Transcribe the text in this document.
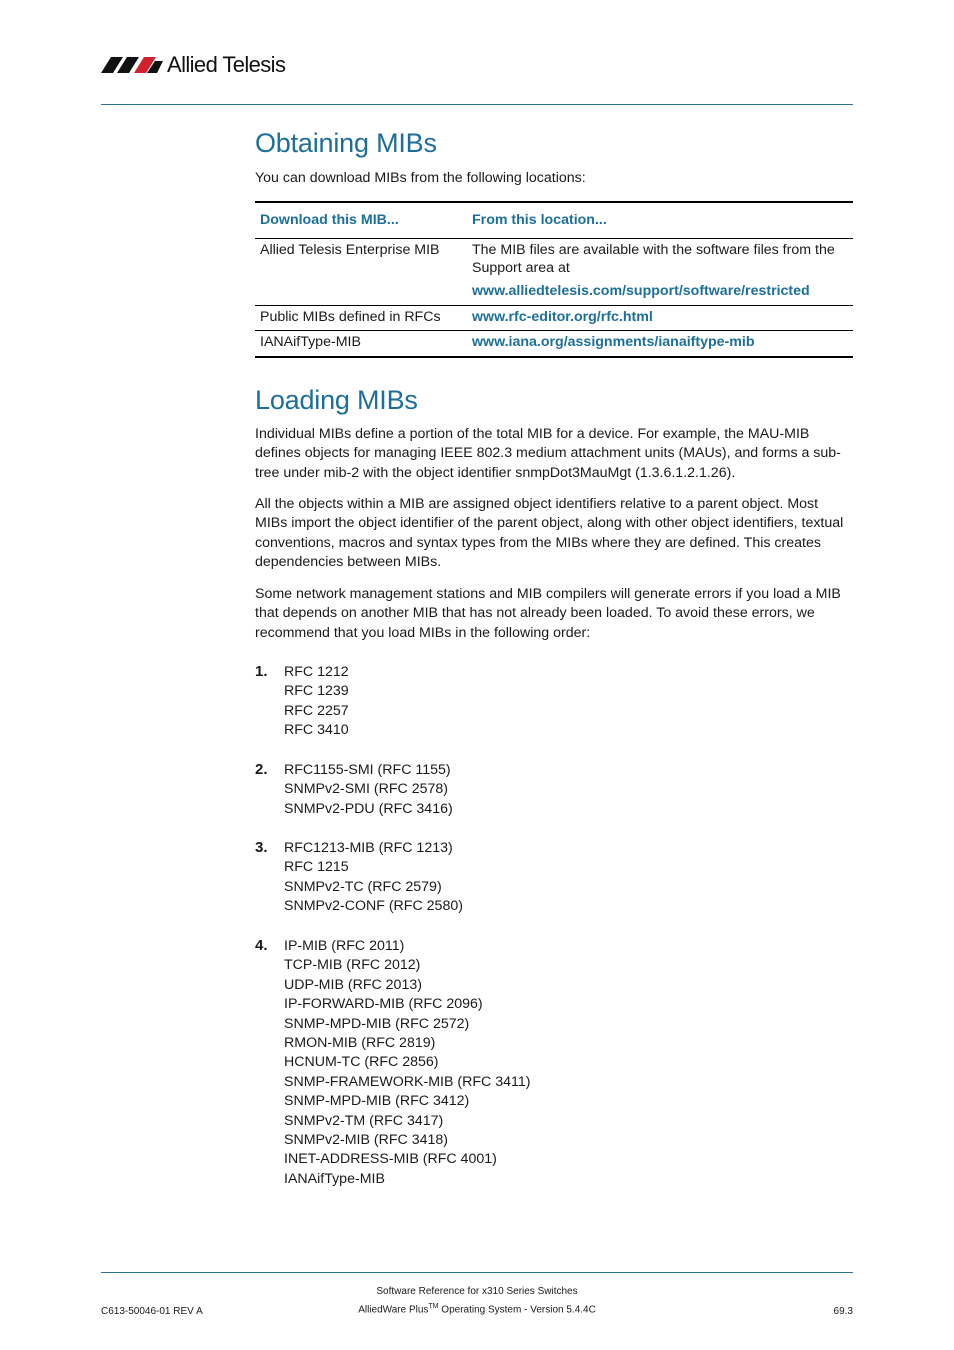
Allied Telesis
Obtaining MIBs

You can download MIBs from the following locations:

Download this MIB...	From this location...
Allied Telesis Enterprise MIB	The MIB files are available with the software files from the Support area at
www.alliedtelesis.com/support/software/restricted

Public MIBs defined in RFCs	www.rfc-editor.org/rfc.html

IANAifType-MIB	www.iana.org/assignments/ianaiftype-mib
Loading MIBs

Individual MIBs define a portion of the total MIB for a device. For example, the MAU-MIB defines objects for managing IEEE 802.3 medium attachment units (MAUs), and forms a sub-tree under mib-2 with the object identifier snmpDot3MauMgt (1.3.6.1.2.1.26).

All the objects within a MIB are assigned object identifiers relative to a parent object. Most MIBs import the object identifier of the parent object, along with other object identifiers, textual conventions, macros and syntax types from the MIBs where they are defined. This creates dependencies between MIBs.

Some network management stations and MIB compilers will generate errors if you load a MIB that depends on another MIB that has not already been loaded. To avoid these errors, we recommend that you load MIBs in the following order:

1. RFC 1212
RFC 1239
RFC 2257
RFC 3410
2. RFC1155-SMI (RFC 1155)
SNMPv2-SMI (RFC 2578)
SNMPv2-PDU (RFC 3416)
3. RFC1213-MIB (RFC 1213)
RFC 1215
SNMPv2-TC (RFC 2579)
SNMPv2-CONF (RFC 2580)
4. IP-MIB (RFC 2011)
TCP-MIB (RFC 2012)
UDP-MIB (RFC 2013)
IP-FORWARD-MIB (RFC 2096)
SNMP-MPD-MIB (RFC 2572)
RMON-MIB (RFC 2819)
HCNUM-TC (RFC 2856)
SNMP-FRAMEWORK-MIB (RFC 3411)
SNMP-MPD-MIB (RFC 3412)
SNMPv2-TM (RFC 3417)
SNMPv2-MIB (RFC 3418)
INET-ADDRESS-MIB (RFC 4001)
IANAifType-MIB
Software Reference for x310 Series Switches
C613-50046-01 REV A	AlliedWare Plus™ Operating System - Version 5.4.4C	69.3
